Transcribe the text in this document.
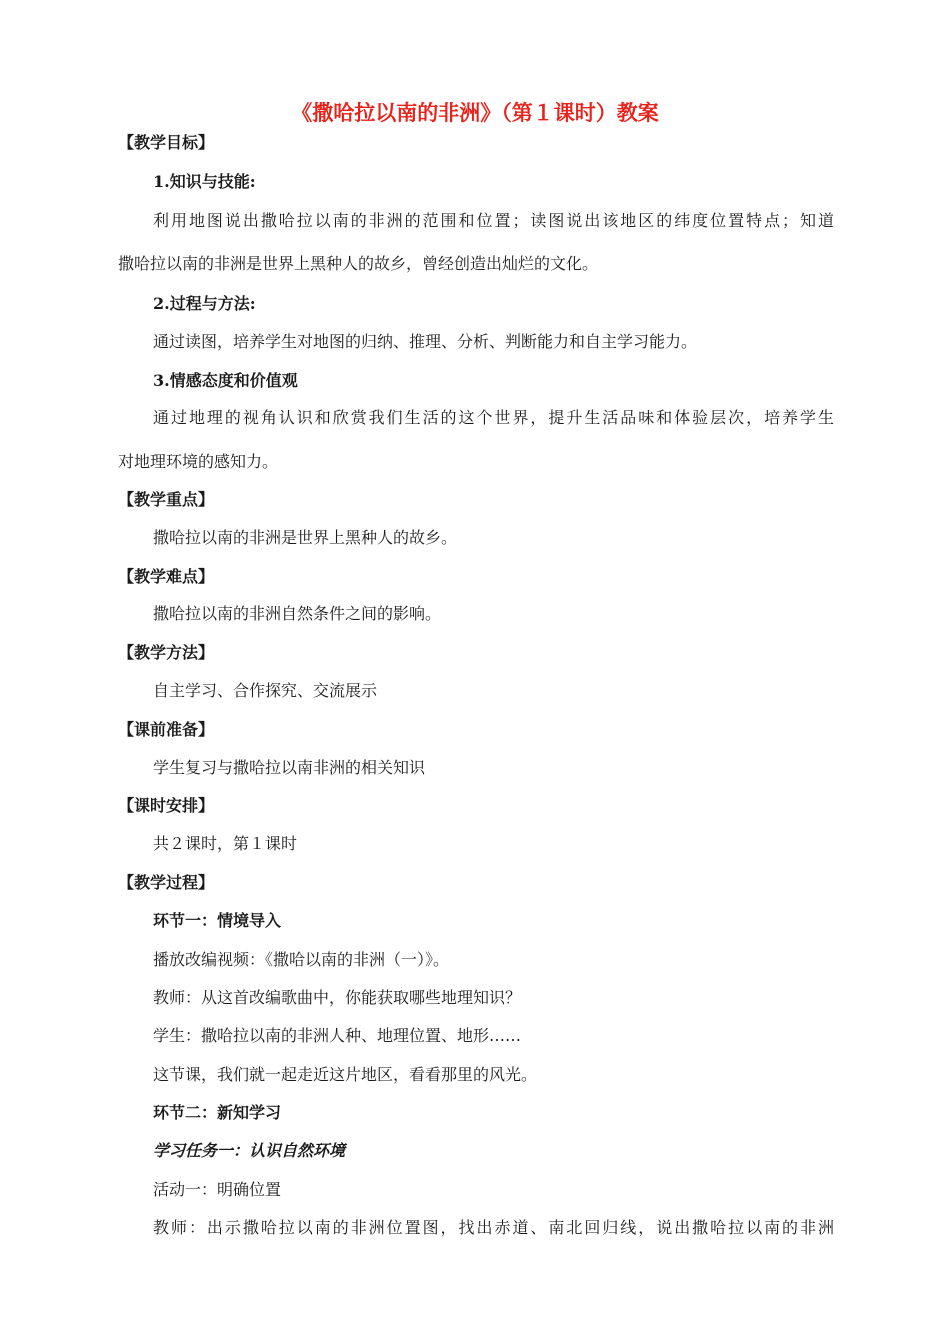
《撒哈拉以南的非洲》（第１课时）教案
【教学目标】
1.知识与技能:
利用地图说出撒哈拉以南的非洲的范围和位置；读图说出该地区的纬度位置特点；知道
撒哈拉以南的非洲是世界上黑种人的故乡，曾经创造出灿烂的文化。
2.过程与方法:
通过读图，培养学生对地图的归纳、推理、分析、判断能力和自主学习能力。
3.情感态度和价值观
通过地理的视角认识和欣赏我们生活的这个世界，提升生活品味和体验层次，培养学生
对地理环境的感知力。
【教学重点】
撒哈拉以南的非洲是世界上黑种人的故乡。
【教学难点】
撒哈拉以南的非洲自然条件之间的影响。
【教学方法】
自主学习、合作探究、交流展示
【课前准备】
学生复习与撒哈拉以南非洲的相关知识
【课时安排】
共２课时，第１课时
【教学过程】
环节一：情境导入
播放改编视频：《撒哈以南的非洲（一）》。
教师：从这首改编歌曲中，你能获取哪些地理知识？
学生：撒哈拉以南的非洲人种、地理位置、地形……
这节课，我们就一起走近这片地区，看看那里的风光。
环节二：新知学习
学习任务一：认识自然环境
活动一：明确位置
教师：出示撒哈拉以南的非洲位置图，找出赤道、南北回归线，说出撒哈拉以南的非洲
